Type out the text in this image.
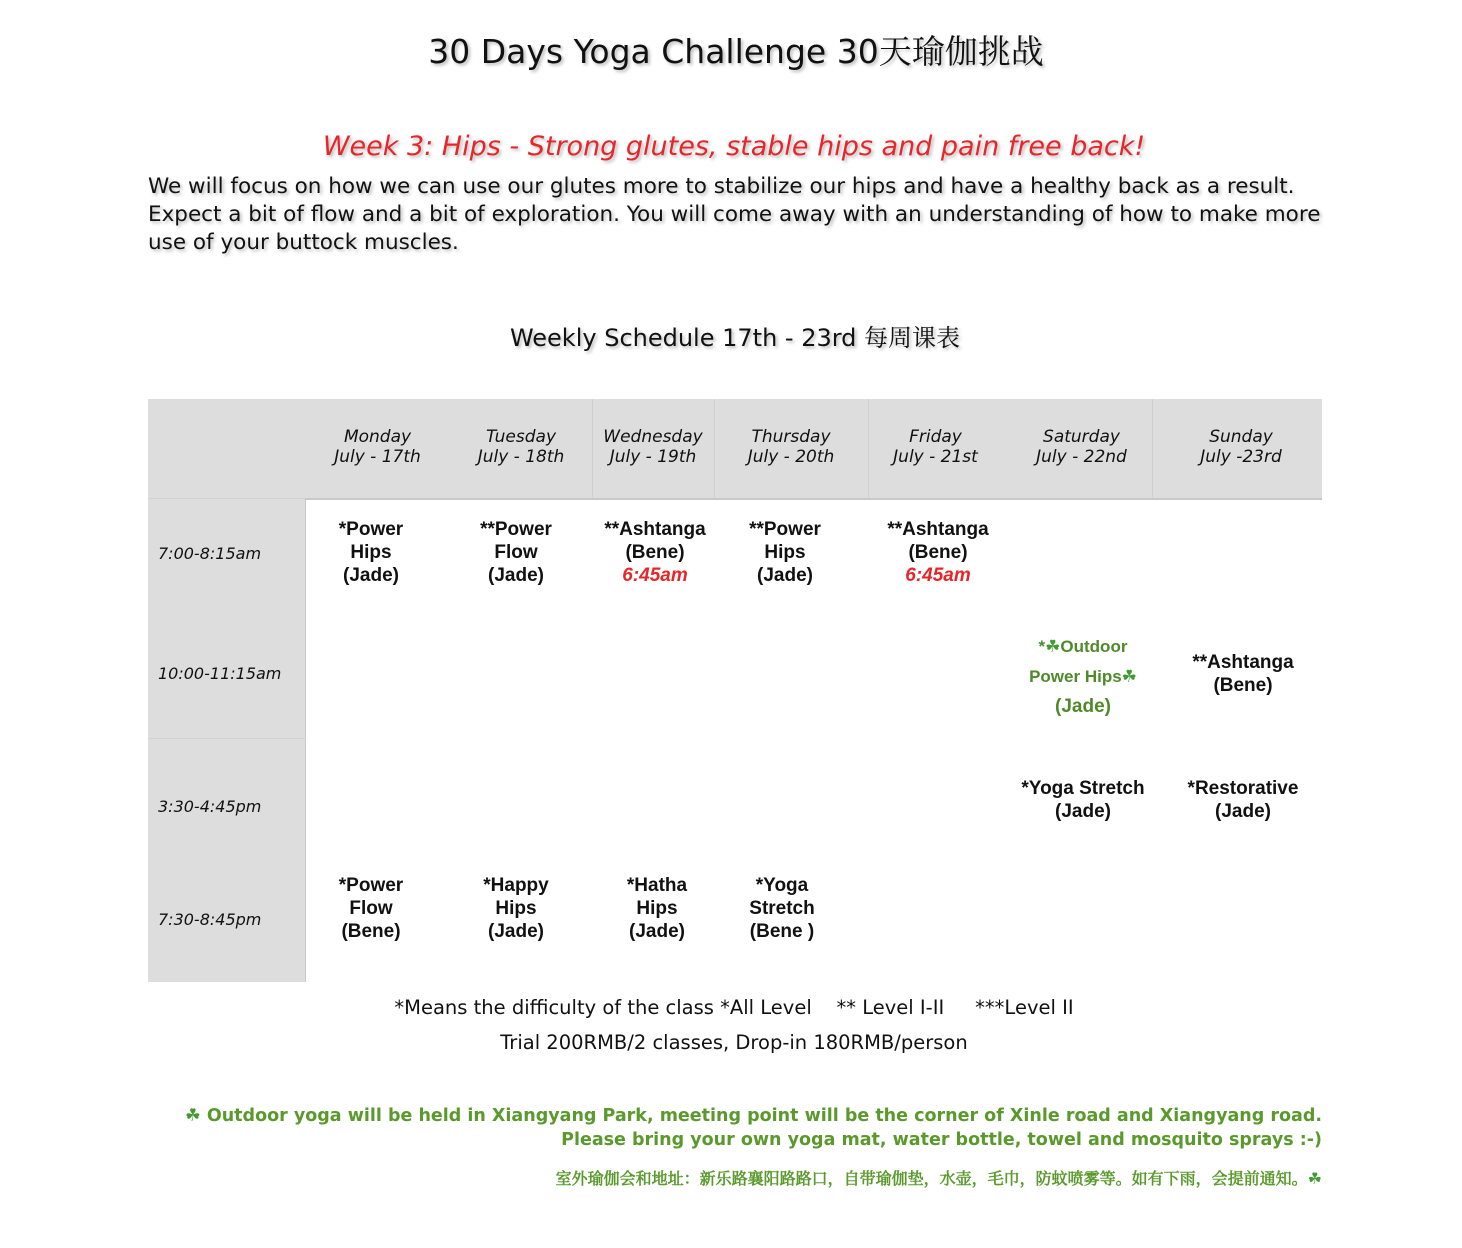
30 Days Yoga Challenge 30天瑜伽挑战
Week 3: Hips - Strong glutes, stable hips and pain free back!
We will focus on how we can use our glutes more to stabilize our hips and have a healthy back as a result. Expect a bit of flow and a bit of exploration. You will come away with an understanding of how to make more use of your buttock muscles.
Weekly Schedule 17th - 23rd 每周课表
Monday
July - 17th
Tuesday
July - 18th
Wednesday
July - 19th
Thursday
July - 20th
Friday
July - 21st
Saturday
July - 22nd
Sunday
July -23rd
7:00-8:15am
10:00-11:15am
3:30-4:45pm
7:30-8:45pm
*Power
Hips
(Jade)
**Power
Flow
(Jade)
**Ashtanga
(Bene)
6:45am
**Power
Hips
(Jade)
**Ashtanga
(Bene)
6:45am
*☘Outdoor
Power Hips☘
(Jade)
**Ashtanga
(Bene)
*Yoga Stretch
(Jade)
*Restorative
(Jade)
*Power
Flow
(Bene)
*Happy
Hips
(Jade)
*Hatha
Hips
(Jade)
*Yoga
Stretch
(Bene )
*Means the difficulty of the class *All Level    ** Level I-II     ***Level II
Trial 200RMB/2 classes, Drop-in 180RMB/person
☘ Outdoor yoga will be held in Xiangyang Park, meeting point will be the corner of Xinle road and Xiangyang road.
Please bring your own yoga mat, water bottle, towel and mosquito sprays :-)
室外瑜伽会和地址：新乐路襄阳路路口，自带瑜伽垫，水壶，毛巾，防蚊喷雾等。如有下雨，会提前通知。☘
